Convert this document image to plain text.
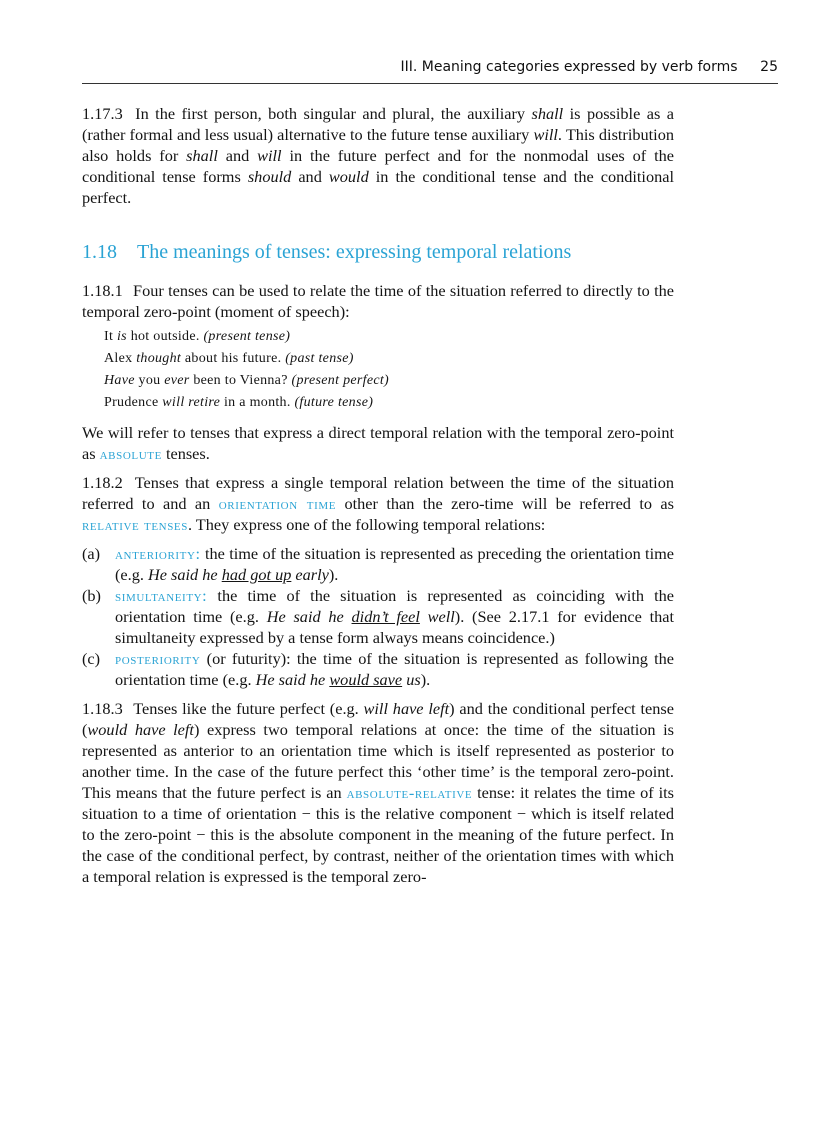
III. Meaning categories expressed by verb forms 25

1.17.3 In the first person, both singular and plural, the auxiliary shall is possible as a (rather formal and less usual) alternative to the future tense auxiliary will. This distribution also holds for shall and will in the future perfect and for the nonmodal uses of the conditional tense forms should and would in the conditional tense and the conditional perfect.

1.18 The meanings of tenses: expressing temporal relations

1.18.1 Four tenses can be used to relate the time of the situation referred to directly to the temporal zero-point (moment of speech):

It is hot outside. (present tense)
Alex thought about his future. (past tense)
Have you ever been to Vienna? (present perfect)
Prudence will retire in a month. (future tense)

We will refer to tenses that express a direct temporal relation with the temporal zero-point as absolute tenses.

1.18.2 Tenses that express a single temporal relation between the time of the situation referred to and an orientation time other than the zero-time will be referred to as relative tenses. They express one of the following temporal relations:

(a) anteriority: the time of the situation is represented as preceding the orientation time (e.g. He said he had got up early).
(b) simultaneity: the time of the situation is represented as coinciding with the orientation time (e.g. He said he didn’t feel well). (See 2.17.1 for evidence that simultaneity expressed by a tense form always means coincidence.)
(c) posteriority (or futurity): the time of the situation is represented as following the orientation time (e.g. He said he would save us).

1.18.3 Tenses like the future perfect (e.g. will have left) and the conditional perfect tense (would have left) express two temporal relations at once: the time of the situation is represented as anterior to an orientation time which is itself represented as posterior to another time. In the case of the future perfect this ‘other time’ is the temporal zero-point. This means that the future perfect is an absolute-relative tense: it relates the time of its situation to a time of orientation − this is the relative component − which is itself related to the zero-point − this is the absolute component in the meaning of the future perfect. In the case of the conditional perfect, by contrast, neither of the orientation times with which a temporal relation is expressed is the temporal zero-
